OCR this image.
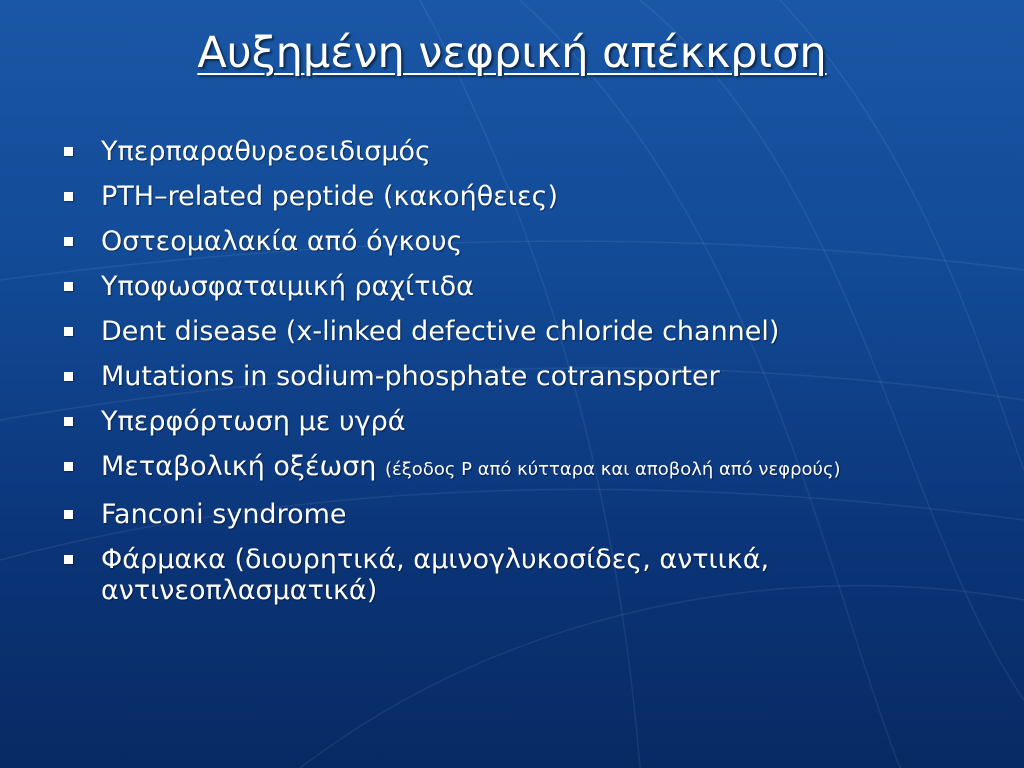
Αυξημένη νεφρική απέκκριση
Υπερπαραθυρεοειδισμός
PTH–related peptide (κακοήθειες)
Οστεομαλακία από όγκους
Υποφωσφαταιμική ραχίτιδα
Dent disease (x-linked defective chloride channel)
Mutations in sodium-phosphate cotransporter
Υπερφόρτωση με υγρά
Μεταβολική οξέωση (έξοδος P από κύτταρα και αποβολή από νεφρούς)
Fanconi syndrome
Φάρμακα (διουρητικά, αμινογλυκοσίδες, αντιικά, αντινεοπλασματικά)
